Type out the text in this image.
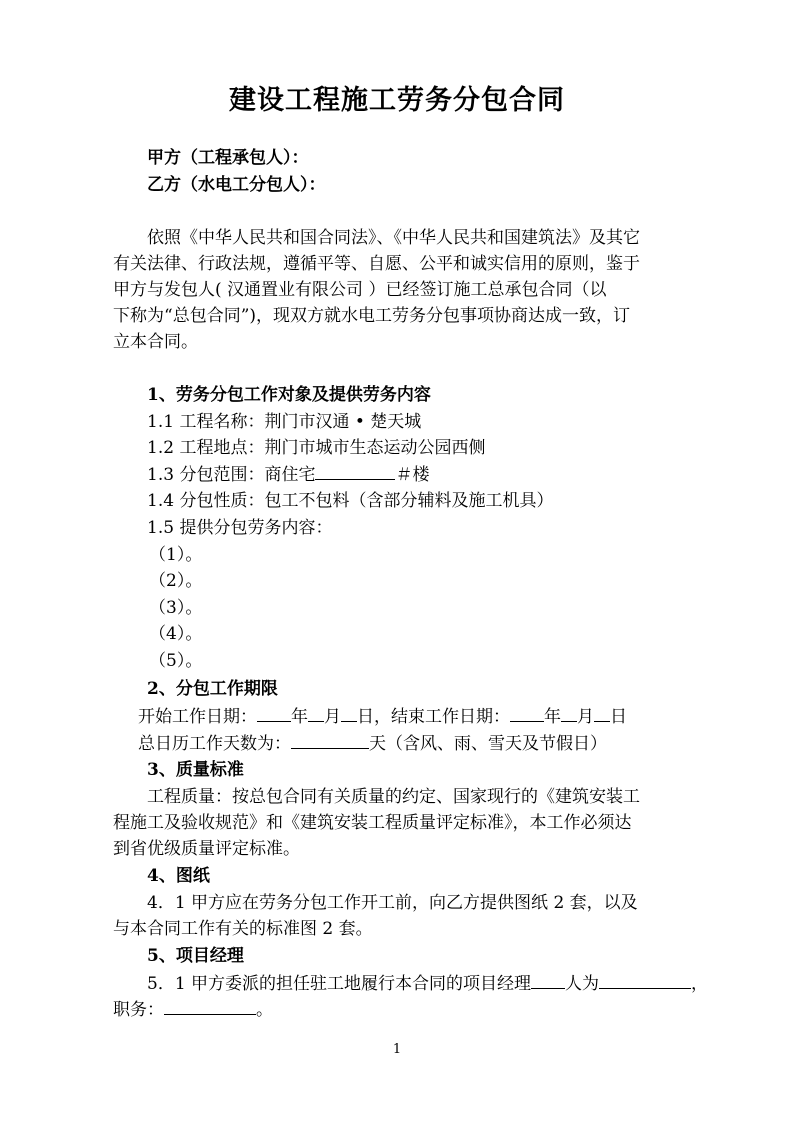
建设工程施工劳务分包合同
甲方（工程承包人）：
乙方（水电工分包人）：
依照《中华人民共和国合同法》、《中华人民共和国建筑法》及其它
有关法律、行政法规，遵循平等、自愿、公平和诚实信用的原则，鉴于
甲方与发包人( 汉通置业有限公司 ）已经签订施工总承包合同（以
下称为“总包合同”)，现双方就水电工劳务分包事项协商达成一致，订
立本合同。
1、劳务分包工作对象及提供劳务内容
1.1 工程名称：荆门市汉通 • 楚天城
1.2 工程地点：荆门市城市生态运动公园西侧
1.3 分包范围：商住宅	＃楼
1.4 分包性质：包工不包料（含部分辅料及施工机具）
1.5 提供分包劳务内容：
（1）。
（2）。
（3）。
（4）。
（5）。
2、分包工作期限
开始工作日期： 年 月 日，结束工作日期： 年 月 日
总日历工作天数为：	天（含风、雨、雪天及节假日）
3、质量标准
工程质量：按总包合同有关质量的约定、国家现行的《建筑安装工
程施工及验收规范》和《建筑安装工程质量评定标准》，本工作必须达
到省优级质量评定标准。
4、图纸
4．1 甲方应在劳务分包工作开工前，向乙方提供图纸 2 套，以及
与本合同工作有关的标准图 2 套。
5、项目经理
5．1 甲方委派的担任驻工地履行本合同的项目经理 人为	，
职务：	。
1
